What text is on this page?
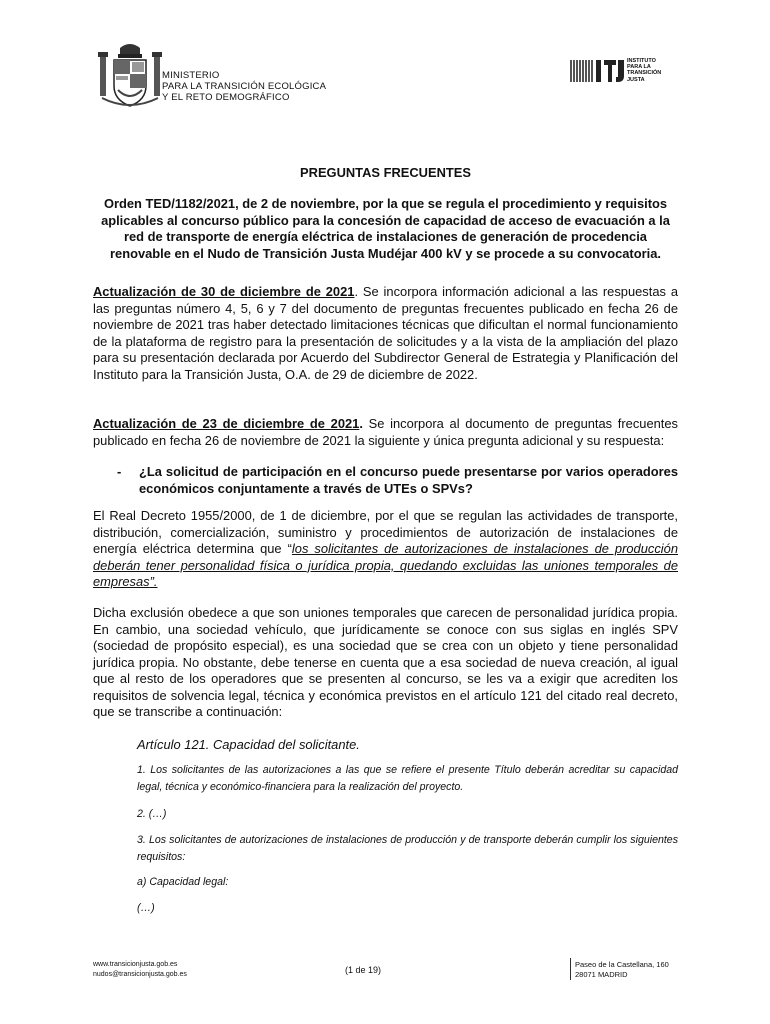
MINISTERIO
PARA LA TRANSICIÓN ECOLÓGICA
Y EL RETO DEMOGRÁFICO
INSTITUTO
PARA LA
TRANSICIÓN
JUSTA
PREGUNTAS FRECUENTES
Orden TED/1182/2021, de 2 de noviembre, por la que se regula el procedimiento y requisitos aplicables al concurso público para la concesión de capacidad de acceso de evacuación a la red de transporte de energía eléctrica de instalaciones de generación de procedencia renovable en el Nudo de Transición Justa Mudéjar 400 kV y se procede a su convocatoria.
Actualización de 30 de diciembre de 2021. Se incorpora información adicional a las respuestas a las preguntas número 4, 5, 6 y 7 del documento de preguntas frecuentes publicado en fecha 26 de noviembre de 2021 tras haber detectado limitaciones técnicas que dificultan el normal funcionamiento de la plataforma de registro para la presentación de solicitudes y a la vista de la ampliación del plazo para su presentación declarada por Acuerdo del Subdirector General de Estrategia y Planificación del Instituto para la Transición Justa, O.A. de 29 de diciembre de 2022.
Actualización de 23 de diciembre de 2021. Se incorpora al documento de preguntas frecuentes publicado en fecha 26 de noviembre de 2021 la siguiente y única pregunta adicional y su respuesta:
- ¿La solicitud de participación en el concurso puede presentarse por varios operadores económicos conjuntamente a través de UTEs o SPVs?
El Real Decreto 1955/2000, de 1 de diciembre, por el que se regulan las actividades de transporte, distribución, comercialización, suministro y procedimientos de autorización de instalaciones de energía eléctrica determina que “los solicitantes de autorizaciones de instalaciones de producción deberán tener personalidad física o jurídica propia, quedando excluidas las uniones temporales de empresas”.
Dicha exclusión obedece a que son uniones temporales que carecen de personalidad jurídica propia. En cambio, una sociedad vehículo, que jurídicamente se conoce con sus siglas en inglés SPV (sociedad de propósito especial), es una sociedad que se crea con un objeto y tiene personalidad jurídica propia. No obstante, debe tenerse en cuenta que a esa sociedad de nueva creación, al igual que al resto de los operadores que se presenten al concurso, se les va a exigir que acrediten los requisitos de solvencia legal, técnica y económica previstos en el artículo 121 del citado real decreto, que se transcribe a continuación:
Artículo 121. Capacidad del solicitante.
1. Los solicitantes de las autorizaciones a las que se refiere el presente Título deberán acreditar su capacidad legal, técnica y económico-financiera para la realización del proyecto.
2. (…)
3. Los solicitantes de autorizaciones de instalaciones de producción y de transporte deberán cumplir los siguientes requisitos:
a) Capacidad legal:
(…)
www.transicionjusta.gob.es
nudos@transicionjusta.gob.es	(1 de 19)
Paseo de la Castellana, 160
28071 MADRID
